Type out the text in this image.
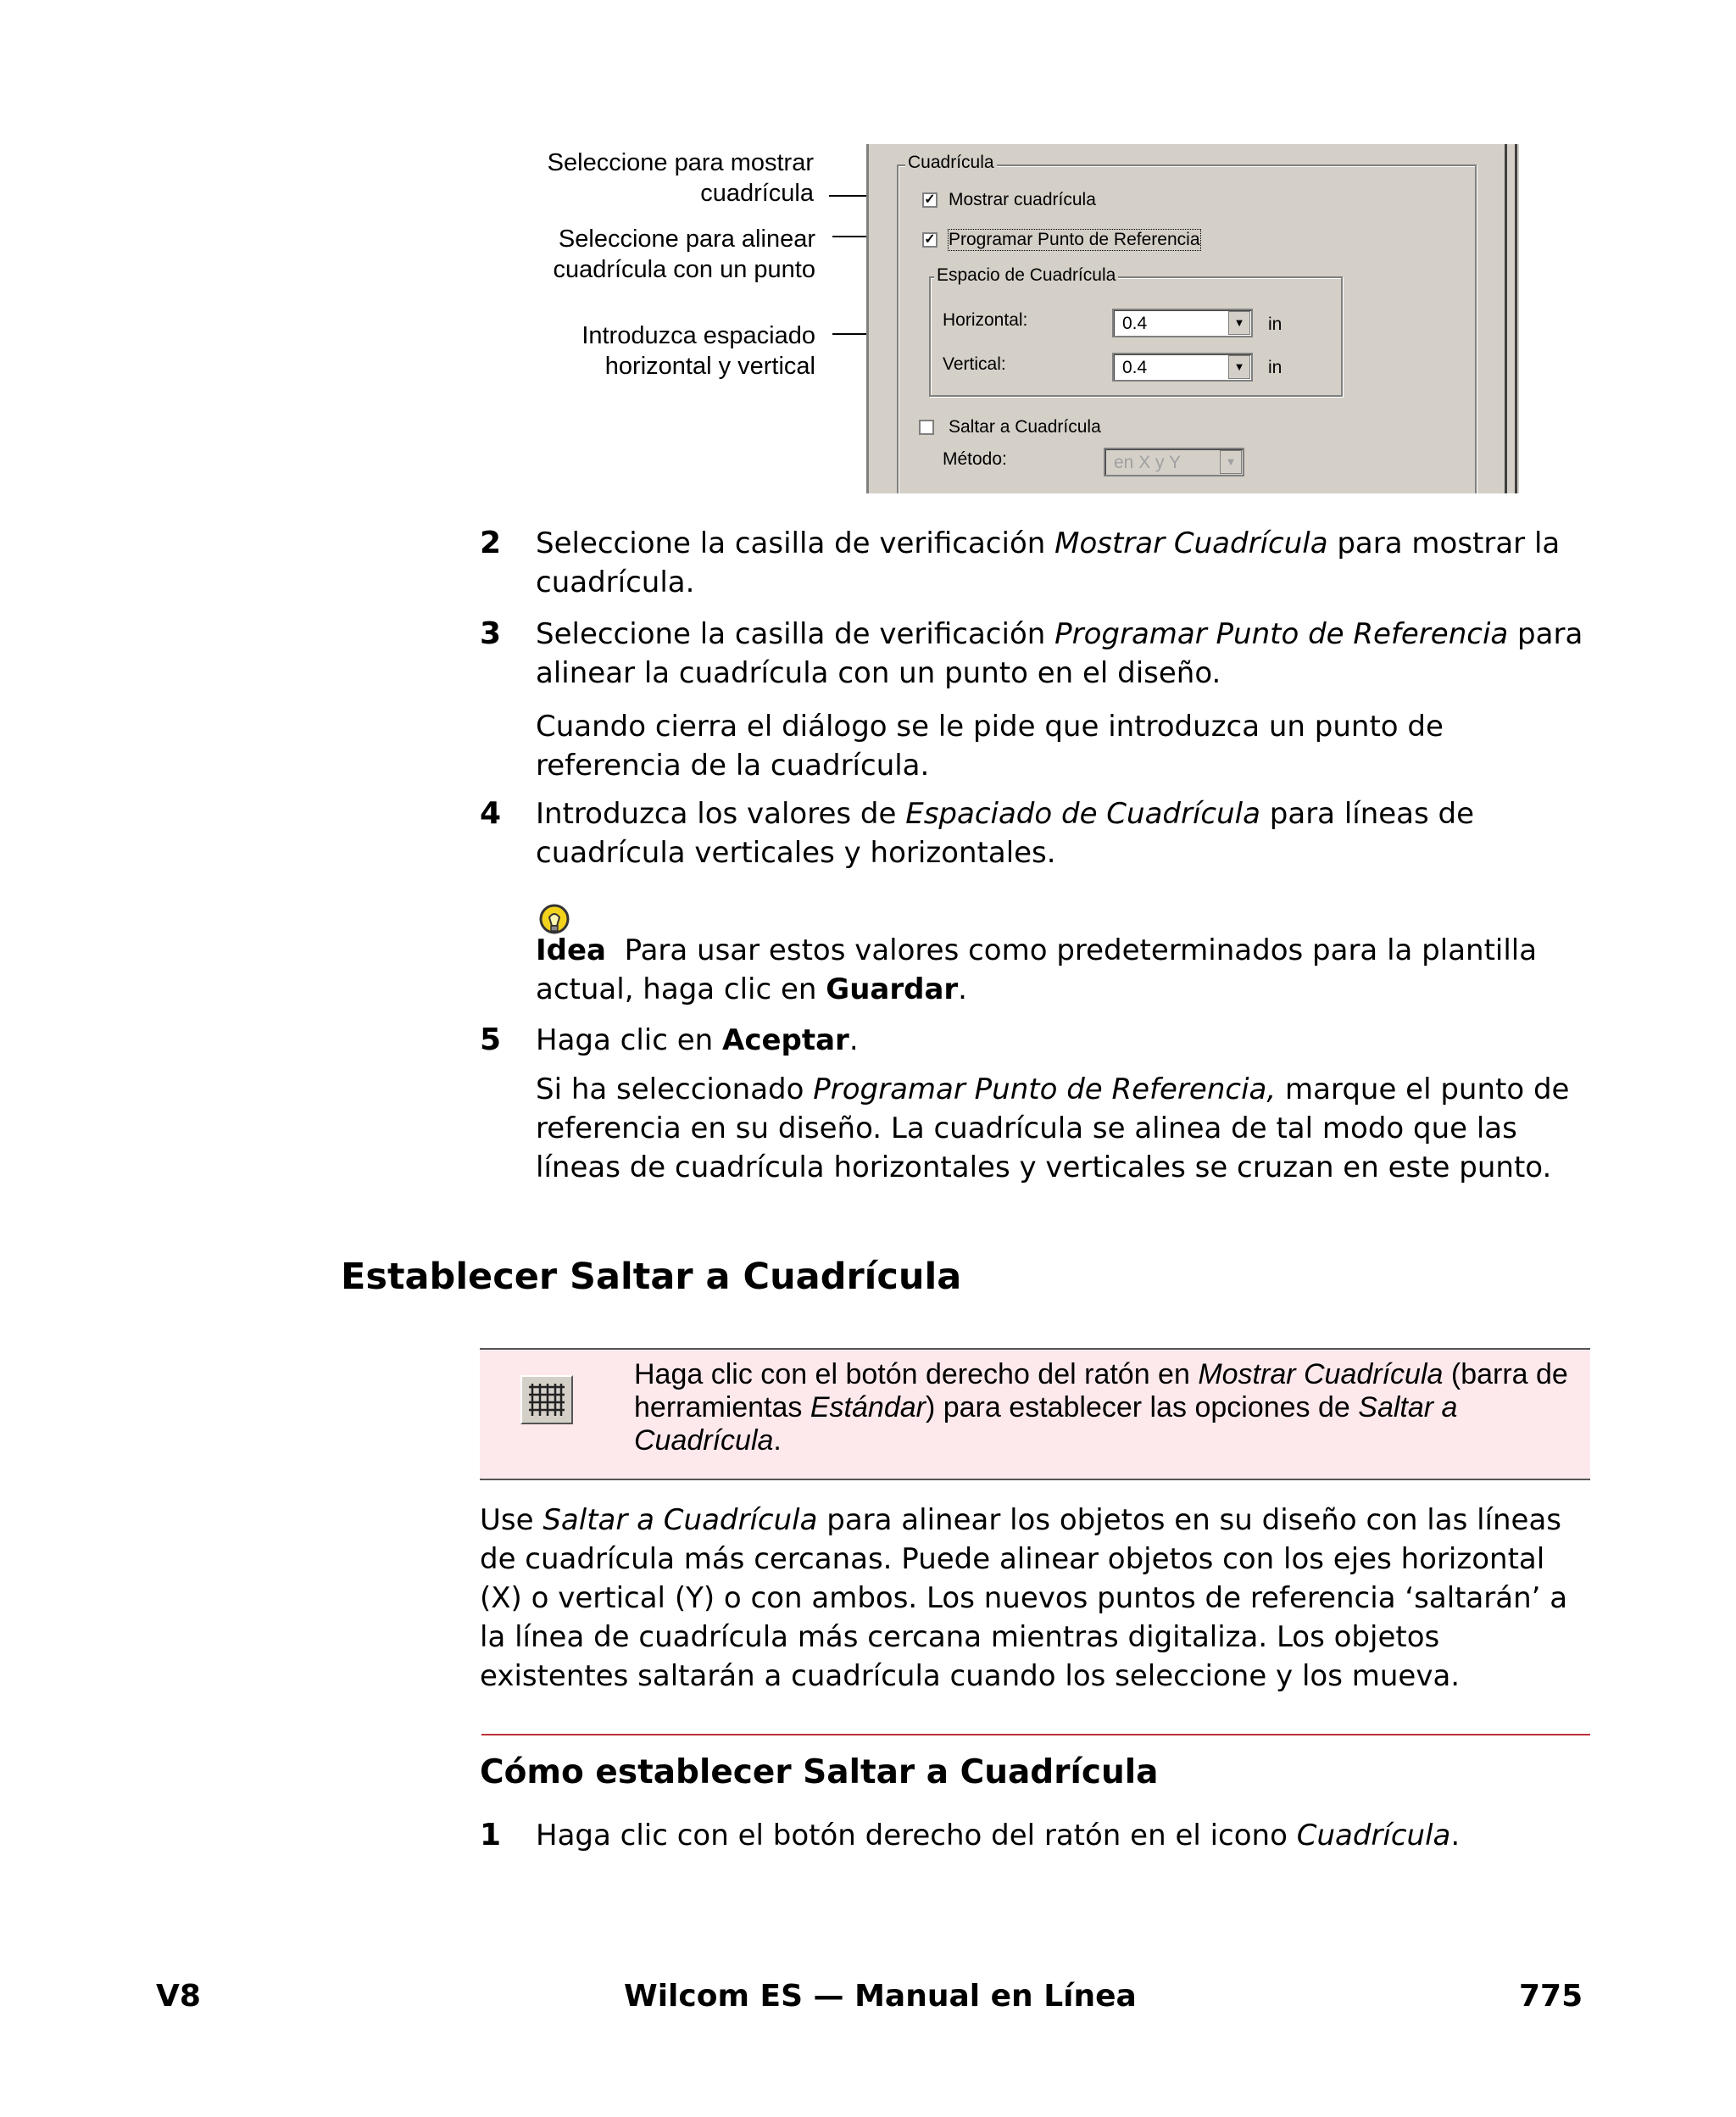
Seleccione para mostrar
cuadrícula
Seleccione para alinear
cuadrícula con un punto
Introduzca espaciado
horizontal y vertical
Cuadrícula
✓ Mostrar cuadrícula
✓ Programar Punto de Referencia
Espacio de Cuadrícula
Horizontal:	0.4	▼	in
Vertical:	0.4	▼	in
Saltar a Cuadrícula
Método:	en X y Y	▼
2 Seleccione la casilla de verificación Mostrar Cuadrícula para mostrar la cuadrícula.
3 Seleccione la casilla de verificación Programar Punto de Referencia para alinear la cuadrícula con un punto en el diseño.
Cuando cierra el diálogo se le pide que introduzca un punto de referencia de la cuadrícula.
4 Introduzca los valores de Espaciado de Cuadrícula para líneas de cuadrícula verticales y horizontales.
Idea  Para usar estos valores como predeterminados para la plantilla actual, haga clic en Guardar.
5 Haga clic en Aceptar.
Si ha seleccionado Programar Punto de Referencia, marque el punto de referencia en su diseño. La cuadrícula se alinea de tal modo que las líneas de cuadrícula horizontales y verticales se cruzan en este punto.
Establecer Saltar a Cuadrícula
Haga clic con el botón derecho del ratón en Mostrar Cuadrícula (barra de herramientas Estándar) para establecer las opciones de Saltar a Cuadrícula.
Use Saltar a Cuadrícula para alinear los objetos en su diseño con las líneas de cuadrícula más cercanas. Puede alinear objetos con los ejes horizontal (X) o vertical (Y) o con ambos. Los nuevos puntos de referencia ‘saltarán’ a la línea de cuadrícula más cercana mientras digitaliza. Los objetos existentes saltarán a cuadrícula cuando los seleccione y los mueva.
Cómo establecer Saltar a Cuadrícula
1 Haga clic con el botón derecho del ratón en el icono Cuadrícula.
V8	Wilcom ES — Manual en Línea	775
